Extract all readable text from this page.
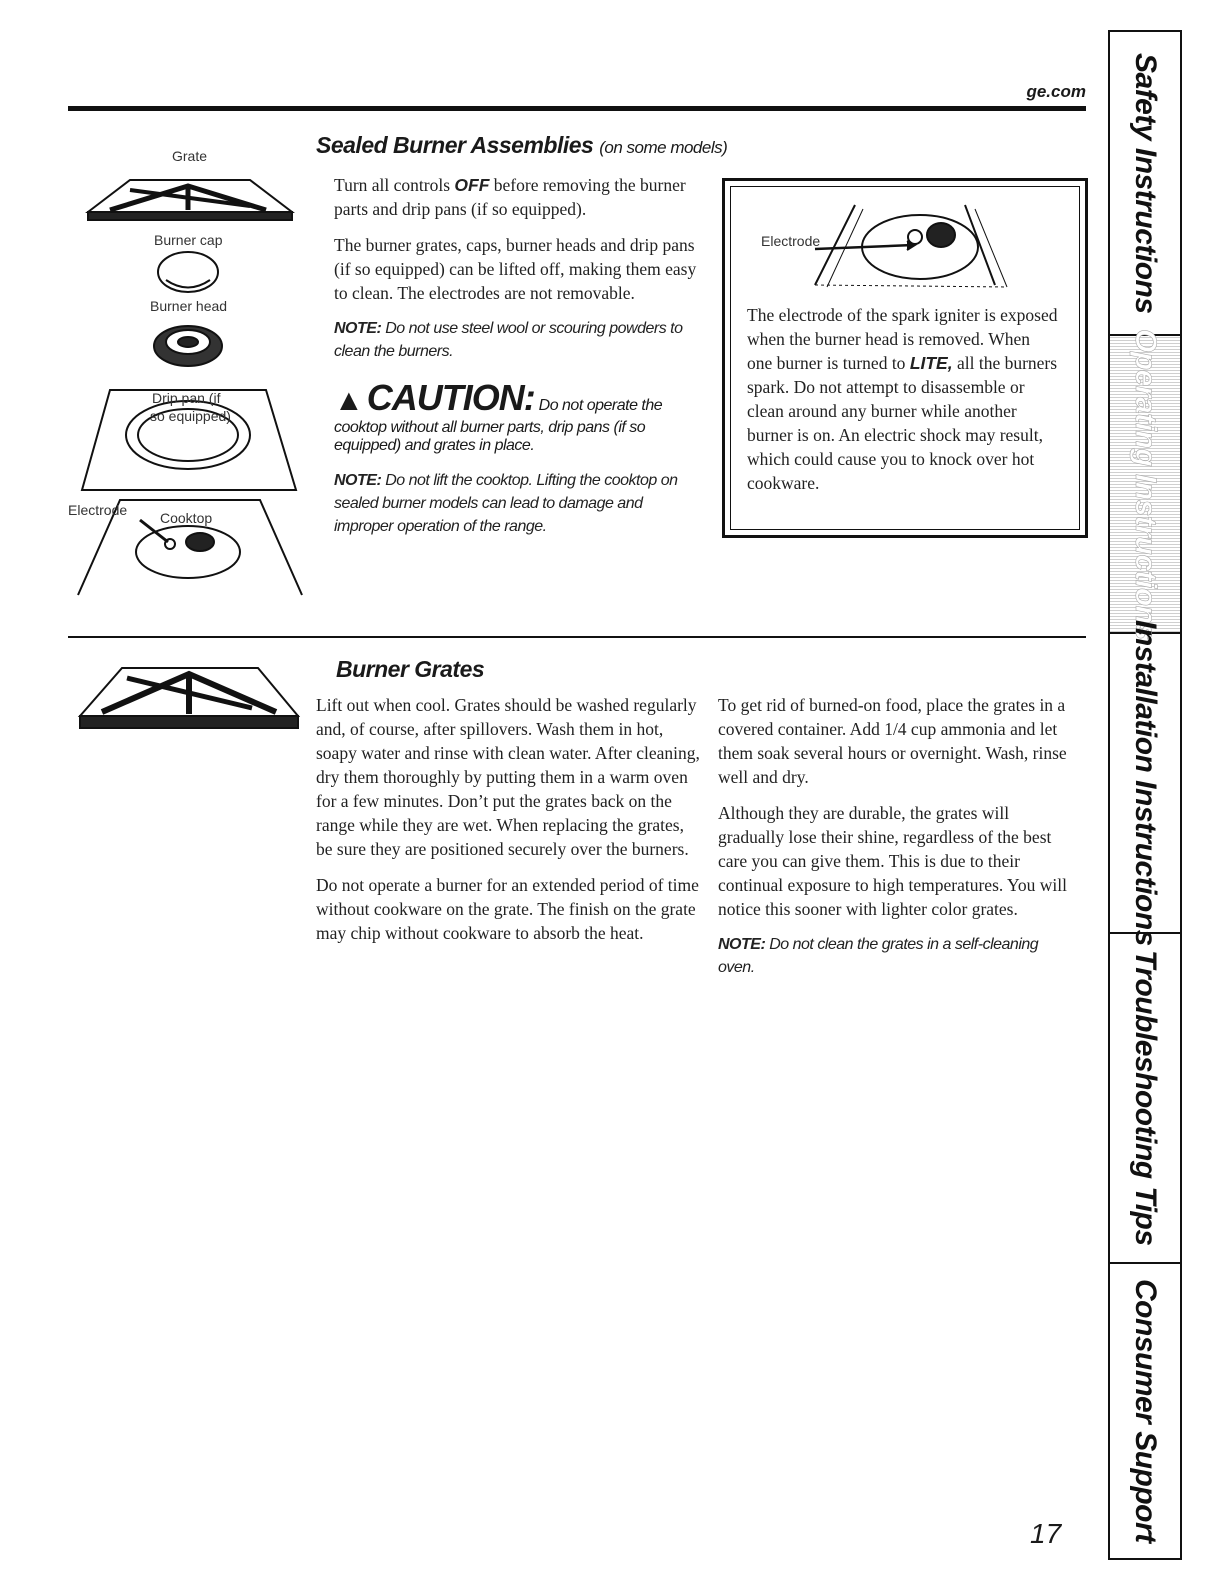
ge.com
Grate
Burner cap
Burner head
Drip pan (if
so equipped)
Electrode Cooktop
Sealed Burner Assemblies (on some models)

Turn all controls OFF before removing the burner parts and drip pans (if so equipped).

The burner grates, caps, burner heads and drip pans (if so equipped) can be lifted off, making them easy to clean. The electrodes are not removable.

NOTE: Do not use steel wool or scouring powders to clean the burners.
▲ CAUTION: Do not operate the cooktop without all burner parts, drip pans (if so equipped) and grates in place.
NOTE: Do not lift the cooktop. Lifting the cooktop on sealed burner models can lead to damage and improper operation of the range.
Electrode
The electrode of the spark igniter is exposed when the burner head is removed. When one burner is turned to LITE, all the burners spark. Do not attempt to disassemble or clean around any burner while another burner is on. An electric shock may result, which could cause you to knock over hot cookware.
Burner Grates

Lift out when cool. Grates should be washed regularly and, of course, after spillovers. Wash them in hot, soapy water and rinse with clean water. After cleaning, dry them thoroughly by putting them in a warm oven for a few minutes. Don’t put the grates back on the range while they are wet. When replacing the grates, be sure they are positioned securely over the burners.

Do not operate a burner for an extended period of time without cookware on the grate. The finish on the grate may chip without cookware to absorb the heat.

To get rid of burned-on food, place the grates in a covered container. Add 1/4 cup ammonia and let them soak several hours or overnight. Wash, rinse well and dry.

Although they are durable, the grates will gradually lose their shine, regardless of the best care you can give them. This is due to their continual exposure to high temperatures. You will notice this sooner with lighter color grates.

NOTE: Do not clean the grates in a self-cleaning oven.
Safety Instructions
Operating Instructions
Installation Instructions
Troubleshooting Tips
Consumer Support
17
